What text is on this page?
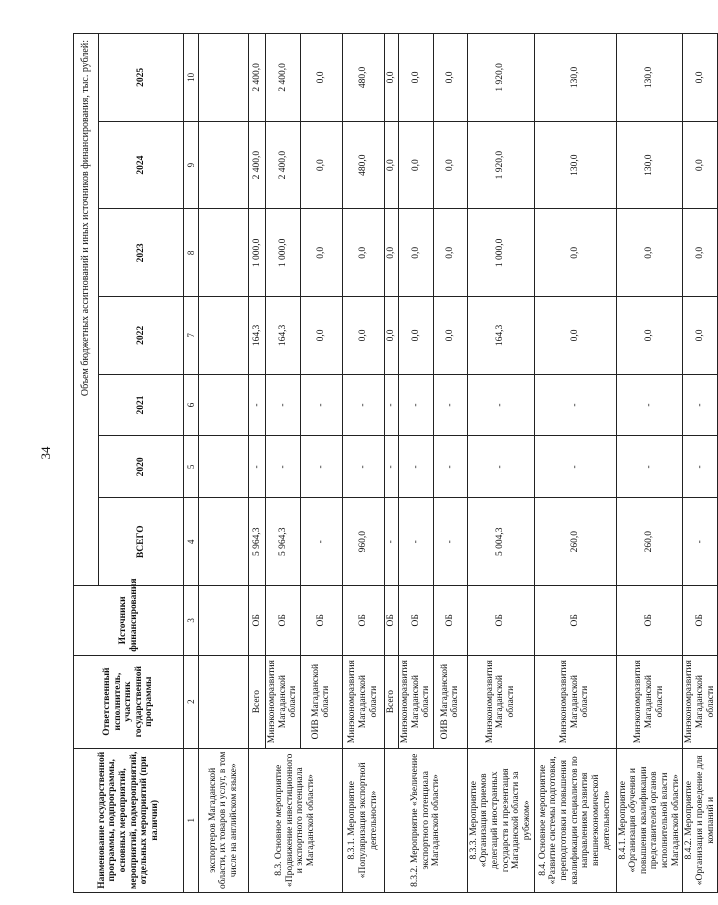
34
Наименование государственной программы, подпрограммы, основных мероприятий, мероприятий, подмероприятий, отдельных мероприятий (при наличии)	Ответственный исполнитель, участник государственной программы	Источники финансирования	Объем бюджетных ассигнований и иных источников финансирования, тыс. рублей:						
			ВСЕГО	2020	2021	2022	2023	2024	2025
1	2	3	4	5	6	7	8	9	10
экспортеров Магаданской области, их товаров и услуг, в том числе на английском языке»									
8.3. Основное мероприятие «Продвижение инвестиционного и экспортного потенциала Магаданской области»	Всего	ОБ	5 964,3	-	-	164,3	1 000,0	2 400,0	2 400,0
	Минэкономразвития Магаданской области	ОБ	5 964,3	-	-	164,3	1 000,0	2 400,0	2 400,0
	ОИВ Магаданской области	ОБ	-	-	-	0,0	0,0	0,0	0,0
8.3.1. Мероприятие «Популяризация экспортной деятельности»	Минэкономразвития Магаданской области	ОБ	960,0	-	-	0,0	0,0	480,0	480,0
8.3.2. Мероприятие «Увеличение экспортного потенциала Магаданской области»	Всего	ОБ	-	-	-	0,0	0,0	0,0	0,0
	Минэкономразвития Магаданской области	ОБ	-	-	-	0,0	0,0	0,0	0,0
	ОИВ Магаданской области	ОБ	-	-	-	0,0	0,0	0,0	0,0
8.3.3. Мероприятие «Организация приемов делегаций иностранных государств и презентация Магаданской области за рубежом»	Минэкономразвития Магаданской области	ОБ	5 004,3	-	-	164,3	1 000,0	1 920,0	1 920,0
8.4. Основное мероприятие «Развитие системы подготовки, переподготовки и повышения квалификации специалистов по направлениям развития внешнеэкономической деятельности»	Минэкономразвития Магаданской области	ОБ	260,0	-	-	0,0	0,0	130,0	130,0
8.4.1. Мероприятие «Организация обучения и повышения квалификации представителей органов исполнительной власти Магаданской области»	Минэкономразвития Магаданской области	ОБ	260,0	-	-	0,0	0,0	130,0	130,0
8.4.2. Мероприятие «Организация и проведение для компаний и	Минэкономразвития Магаданской области	ОБ	-	-	-	0,0	0,0	0,0	0,0
